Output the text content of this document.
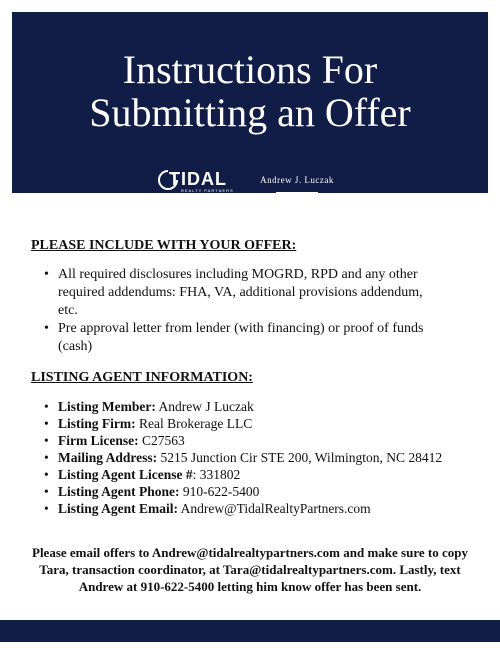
Instructions For
Submitting an Offer
TIDAL
REALTY PARTNERS
Andrew J. Luczak
REAL ESTATE
PLEASE INCLUDE WITH YOUR OFFER:
• All required disclosures including MOGRD, RPD and any other required addendums: FHA, VA, additional provisions addendum, etc.
• Pre approval letter from lender (with financing) or proof of funds (cash)
LISTING AGENT INFORMATION:
• Listing Member: Andrew J Luczak
• Listing Firm: Real Brokerage LLC
• Firm License: C27563
• Mailing Address: 5215 Junction Cir STE 200, Wilmington, NC 28412
• Listing Agent License #: 331802
• Listing Agent Phone: 910-622-5400
• Listing Agent Email: Andrew@TidalRealtyPartners.com
Please email offers to Andrew@tidalrealtypartners.com and make sure to copy Tara, transaction coordinator, at Tara@tidalrealtypartners.com. Lastly, text Andrew at 910-622-5400 letting him know offer has been sent.
